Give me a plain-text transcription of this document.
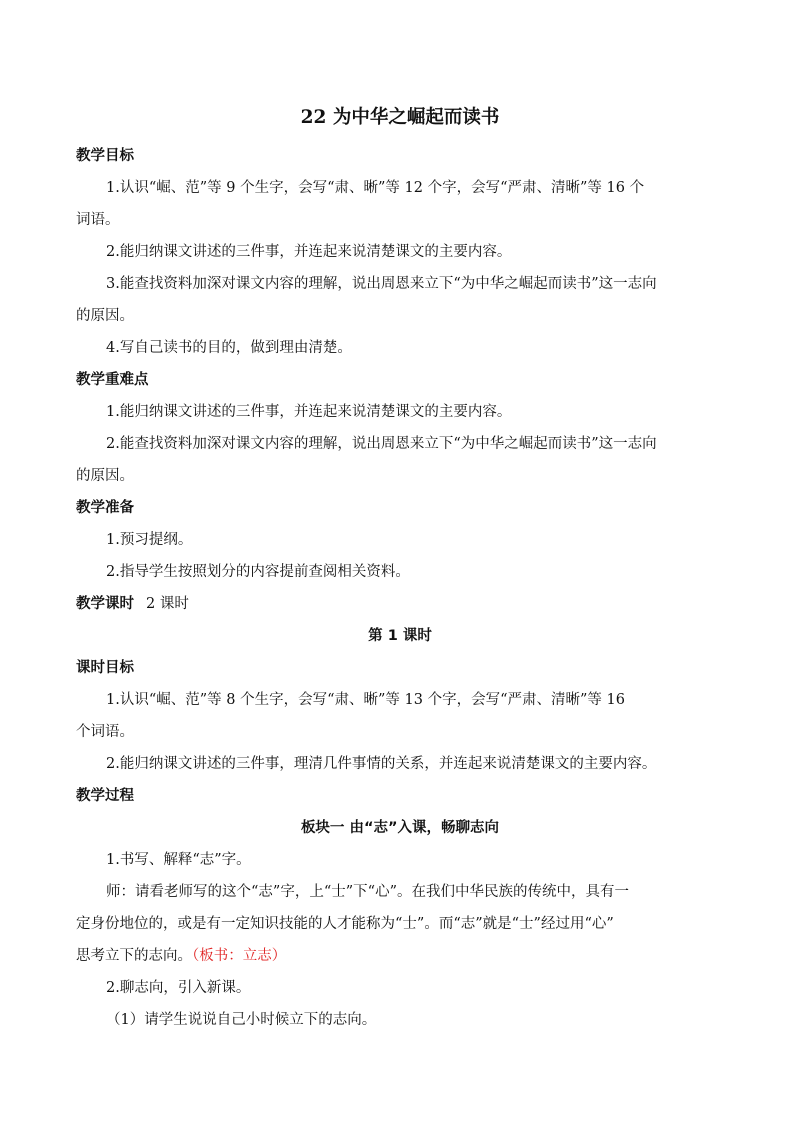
22 为中华之崛起而读书

教学目标

1.认识“崛、范”等 9 个生字，会写“肃、晰”等 12 个字，会写“严肃、清晰”等 16 个

词语。

2.能归纳课文讲述的三件事，并连起来说清楚课文的主要内容。

3.能查找资料加深对课文内容的理解，说出周恩来立下“为中华之崛起而读书”这一志向

的原因。

4.写自己读书的目的，做到理由清楚。

教学重难点

1.能归纳课文讲述的三件事，并连起来说清楚课文的主要内容。

2.能查找资料加深对课文内容的理解，说出周恩来立下“为中华之崛起而读书”这一志向

的原因。

教学准备

1.预习提纲。

2.指导学生按照划分的内容提前查阅相关资料。

教学课时 2 课时

第 1 课时

课时目标

1.认识“崛、范”等 8 个生字，会写“肃、晰”等 13 个字，会写“严肃、清晰”等 16

个词语。

2.能归纳课文讲述的三件事，理清几件事情的关系，并连起来说清楚课文的主要内容。

教学过程

板块一 由“志”入课，畅聊志向

1.书写、解释“志”字。

师：请看老师写的这个“志”字，上“士”下“心”。在我们中华民族的传统中，具有一

定身份地位的，或是有一定知识技能的人才能称为“士”。而“志”就是“士”经过用“心”

思考立下的志向。（板书：立志）

2.聊志向，引入新课。

（1）请学生说说自己小时候立下的志向。
